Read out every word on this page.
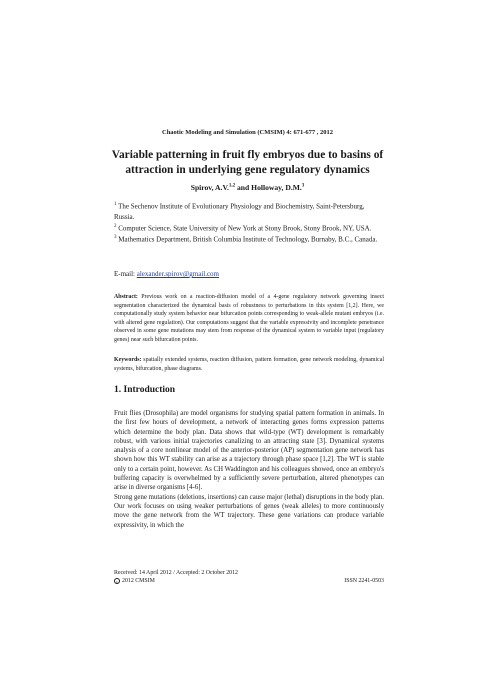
Chaotic Modeling and Simulation (CMSIM) 4: 671-677 , 2012
Variable patterning in fruit fly embryos due to basins of attraction in underlying gene regulatory dynamics
Spirov, A.V.$^{1,2}$ and Holloway, D.M.$^3$
$^1$ The Sechenov Institute of Evolutionary Physiology and Biochemistry, Saint-Petersburg, Russia.
$^2$ Computer Science, State University of New York at Stony Brook, Stony Brook, NY, USA.
$^3$ Mathematics Department, British Columbia Institute of Technology, Burnaby, B.C., Canada.
E-mail: alexander.spirov@gmail.com
Abstract: Previous work on a reaction-diffusion model of a 4-gene regulatory network governing insect segmentation characterized the dynamical basis of robustness to perturbations in this system [1,2]. Here, we computationally study system behavior near bifurcation points corresponding to weak-allele mutant embryos (i.e. with altered gene regulation). Our computations suggest that the variable expressivity and incomplete penetrance observed in some gene mutations may stem from response of the dynamical system to variable input (regulatory genes) near such bifurcation points.
Keywords: spatially extended systems, reaction diffusion, pattern formation, gene network modeling, dynamical systems, bifurcation, phase diagrams.
1. Introduction

Fruit flies (Drosophila) are model organisms for studying spatial pattern formation in animals. In the first few hours of development, a network of interacting genes forms expression patterns which determine the body plan. Data shows that wild-type (WT) development is remarkably robust, with various initial trajectories canalizing to an attracting state [3]. Dynamical systems analysis of a core nonlinear model of the anterior-posterior (AP) segmentation gene network has shown how this WT stability can arise as a trajectory through phase space [1,2]. The WT is stable only to a certain point, however. As CH Waddington and his colleagues showed, once an embryo's buffering capacity is overwhelmed by a sufficiently severe perturbation, altered phenotypes can arise in diverse organisms [4-6].

Strong gene mutations (deletions, insertions) can cause major (lethal) disruptions in the body plan. Our work focuses on using weaker perturbations of genes (weak alleles) to more continuously move the gene network from the WT trajectory. These gene variations can produce variable expressivity, in which the

Received: 14 April 2012 / Accepted: 2 October 2012
c 2012 CMSIM	ISSN 2241-0503
